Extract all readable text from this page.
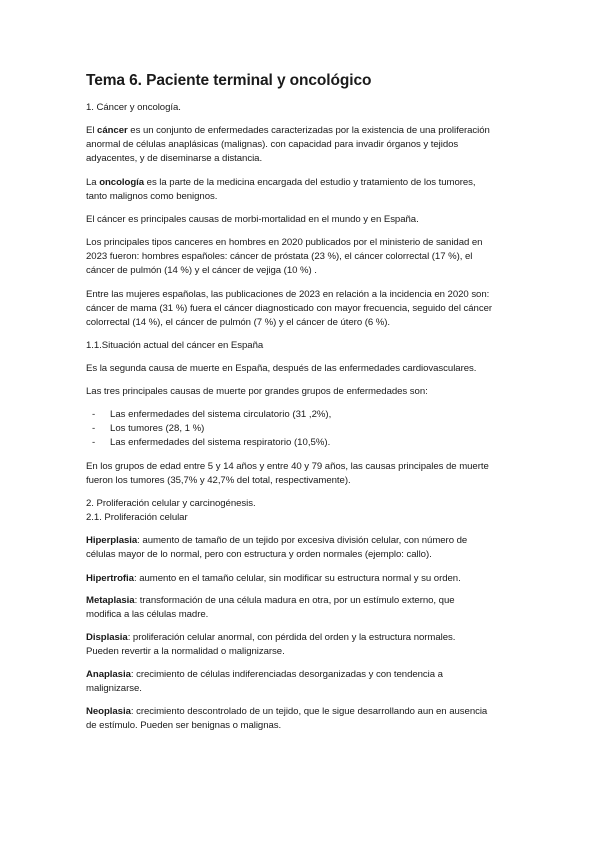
Tema 6. Paciente terminal y oncológico
1. Cáncer y oncología.
El cáncer es un conjunto de enfermedades caracterizadas por la existencia de una proliferación
anormal de células anaplásicas (malignas). con capacidad para invadir órganos y tejidos
adyacentes, y de diseminarse a distancia.
La oncología es la parte de la medicina encargada del estudio y tratamiento de los tumores,
tanto malignos como benignos.
El cáncer es principales causas de morbi-mortalidad en el mundo y en España.
Los principales tipos canceres en hombres en 2020 publicados por el ministerio de sanidad en
2023 fueron: hombres españoles: cáncer de próstata (23 %), el cáncer colorrectal (17 %), el
cáncer de pulmón (14 %) y el cáncer de vejiga (10 %) .
Entre las mujeres españolas, las publicaciones de 2023 en relación a la incidencia en 2020 son:
cáncer de mama (31 %) fuera el cáncer diagnosticado con mayor frecuencia, seguido del cáncer
colorrectal (14 %), el cáncer de pulmón (7 %) y el cáncer de útero (6 %).
1.1.Situación actual del cáncer en España
Es la segunda causa de muerte en España, después de las enfermedades cardiovasculares.
Las tres principales causas de muerte por grandes grupos de enfermedades son:
- Las enfermedades del sistema circulatorio (31 ,2%),
- Los tumores (28, 1 %)
- Las enfermedades del sistema respiratorio (10,5%).
En los grupos de edad entre 5 y 14 años y entre 40 y 79 años, las causas principales de muerte
fueron los tumores (35,7% y 42,7% del total, respectivamente).
2. Proliferación celular y carcinogénesis.
2.1. Proliferación celular
Hiperplasia: aumento de tamaño de un tejido por excesiva división celular, con número de
células mayor de lo normal, pero con estructura y orden normales (ejemplo: callo).
Hipertrofia: aumento en el tamaño celular, sin modificar su estructura normal y su orden.
Metaplasia: transformación de una célula madura en otra, por un estímulo externo, que
modifica a las células madre.
Displasia: proliferación celular anormal, con pérdida del orden y la estructura normales.
Pueden revertir a la normalidad o malignizarse.
Anaplasia: crecimiento de células indiferenciadas desorganizadas y con tendencia a
malignizarse.
Neoplasia: crecimiento descontrolado de un tejido, que le sigue desarrollando aun en ausencia
de estímulo. Pueden ser benignas o malignas.
